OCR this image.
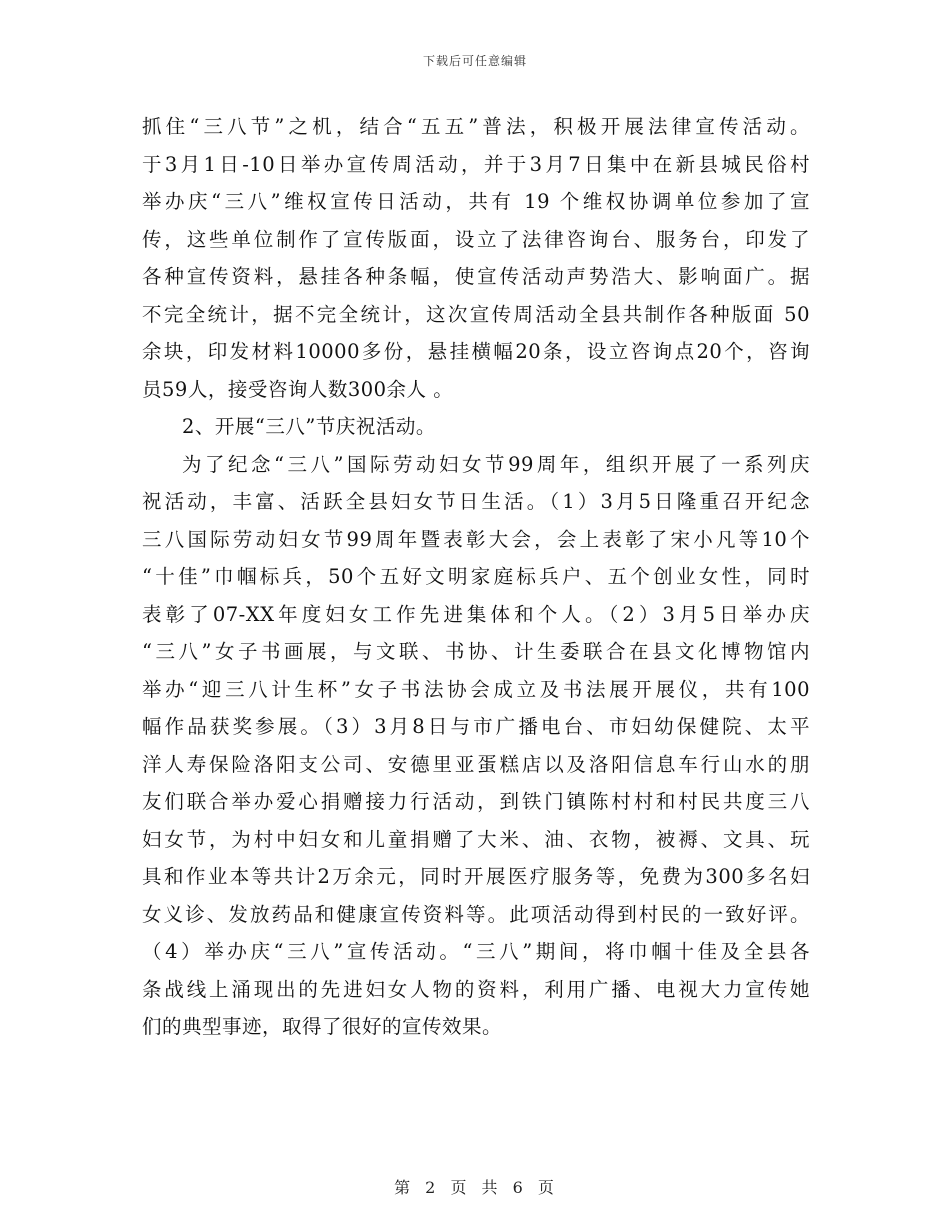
下载后可任意编辑
抓住“三八节”之机，结合“五五”普法，积极开展法律宣传活动。
于3月1日-10日举办宣传周活动，并于3月7日集中在新县城民俗村
举办庆“三八”维权宣传日活动，共有 19 个维权协调单位参加了宣
传，这些单位制作了宣传版面，设立了法律咨询台、服务台，印发了
各种宣传资料，悬挂各种条幅，使宣传活动声势浩大、影响面广。据
不完全统计，据不完全统计，这次宣传周活动全县共制作各种版面 50
余块，印发材料10000多份，悬挂横幅20条，设立咨询点20个，咨询
员59人，接受咨询人数300余人 。
2、开展“三八”节庆祝活动。
为了纪念“三八”国际劳动妇女节99周年，组织开展了一系列庆
祝活动，丰富、活跃全县妇女节日生活。（1）3月5日隆重召开纪念
三八国际劳动妇女节99周年暨表彰大会，会上表彰了宋小凡等10个
“十佳”巾帼标兵，50个五好文明家庭标兵户、五个创业女性，同时
表彰了07-XX年度妇女工作先进集体和个人。（2）3月5日举办庆
“三八”女子书画展，与文联、书协、计生委联合在县文化博物馆内
举办“迎三八计生杯”女子书法协会成立及书法展开展仪，共有100
幅作品获奖参展。（3）3月8日与市广播电台、市妇幼保健院、太平
洋人寿保险洛阳支公司、安德里亚蛋糕店以及洛阳信息车行山水的朋
友们联合举办爱心捐赠接力行活动，到铁门镇陈村村和村民共度三八
妇女节，为村中妇女和儿童捐赠了大米、油、衣物，被褥、文具、玩
具和作业本等共计2万余元，同时开展医疗服务等，免费为300多名妇
女义诊、发放药品和健康宣传资料等。此项活动得到村民的一致好评。
（4）举办庆“三八”宣传活动。“三八”期间，将巾帼十佳及全县各
条战线上涌现出的先进妇女人物的资料，利用广播、电视大力宣传她
们的典型事迹，取得了很好的宣传效果。
第 2 页 共 6 页
